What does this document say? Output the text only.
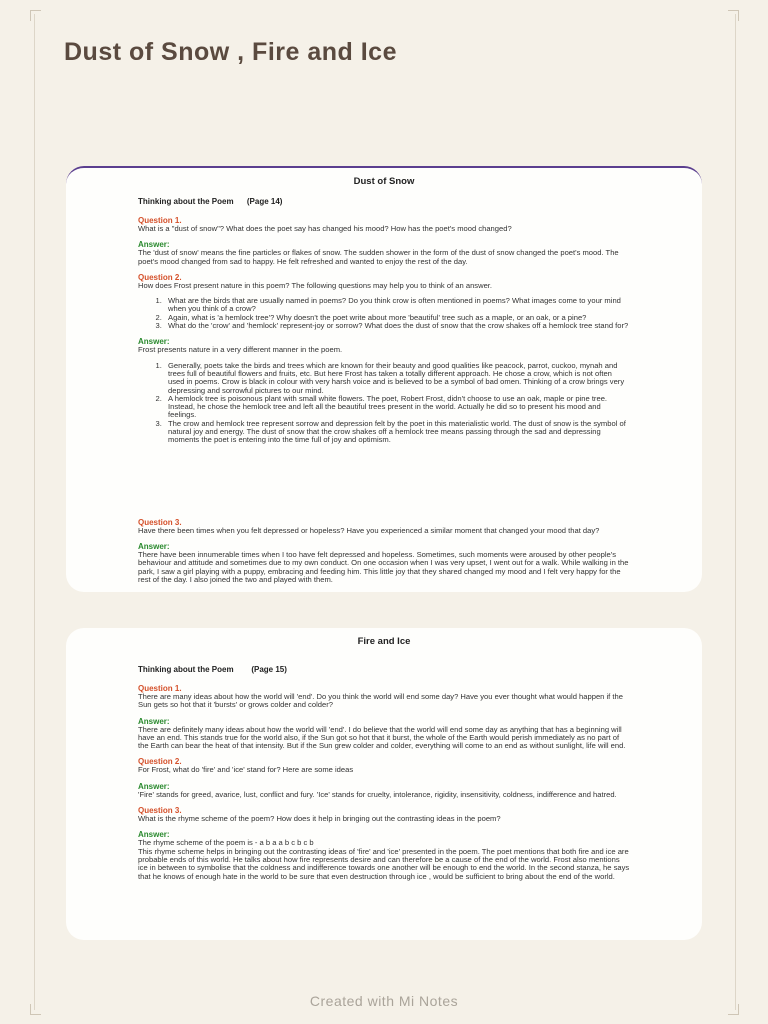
Dust of Snow , Fire and Ice

Dust of Snow

Thinking about the Poem      (Page 14)

Question 1.

What is a "dust of snow"? What does the poet say has changed his mood? How has the poet's mood changed?

Answer:

The 'dust of snow' means the fine particles or flakes of snow. The sudden shower in the form of the dust of snow changed the poet's mood. The poet's mood changed from sad to happy. He felt refreshed and wanted to enjoy the rest of the day.

Question 2.

How does Frost present nature in this poem? The following questions may help you to think of an answer.

1. What are the birds that are usually named in poems? Do you think crow is often mentioned in poems? What images come to your mind when you think of a crow?
2. Again, what is 'a hemlock tree'? Why doesn't the poet write about more 'beautiful' tree such as a maple, or an oak, or a pine?
3. What do the 'crow' and 'hemlock' represent-joy or sorrow? What does the dust of snow that the crow shakes off a hemlock tree stand for?

Answer:

Frost presents nature in a very different manner in the poem.

1. Generally, poets take the birds and trees which are known for their beauty and good qualities like peacock, parrot, cuckoo, mynah and trees full of beautiful flowers and fruits, etc. But here Frost has taken a totally different approach. He chose a crow, which is not often used in poems. Crow is black in colour with very harsh voice and is believed to be a symbol of bad omen. Thinking of a crow brings very depressing and sorrowful pictures to our mind.
2. A hemlock tree is poisonous plant with small white flowers. The poet, Robert Frost, didn't choose to use an oak, maple or pine tree. Instead, he chose the hemlock tree and left all the beautiful trees present in the world. Actually he did so to present his mood and feelings.
3. The crow and hemlock tree represent sorrow and depression felt by the poet in this materialistic world. The dust of snow is the symbol of natural joy and energy. The dust of snow that the crow shakes off a hemlock tree means passing through the sad and depressing moments the poet is entering into the time full of joy and optimism.

Question 3.

Have there been times when you felt depressed or hopeless? Have you experienced a similar moment that changed your mood that day?

Answer:

There have been innumerable times when I too have felt depressed and hopeless. Sometimes, such moments were aroused by other people's behaviour and attitude and sometimes due to my own conduct. On one occasion when I was very upset, I went out for a walk. While walking in the park, I saw a girl playing with a puppy, embracing and feeding him. This little joy that they shared changed my mood and I felt very happy for the rest of the day. I also joined the two and played with them.

Fire and Ice

Thinking about the Poem        (Page 15)

Question 1.

There are many ideas about how the world will 'end'. Do you think the world will end some day? Have you ever thought what would happen if the Sun gets so hot that it 'bursts' or grows colder and colder?

Answer:

There are definitely many ideas about how the world will 'end'. I do believe that the world will end some day as anything that has a beginning will have an end. This stands true for the world also, if the Sun got so hot that it burst, the whole of the Earth would perish immediately as no part of the Earth can bear the heat of that intensity. But if the Sun grew colder and colder, everything will come to an end as without sunlight, life will end.

Question 2.

For Frost, what do 'fire' and 'ice' stand for? Here are some ideas

Answer:

'Fire' stands for greed, avarice, lust, conflict and fury. 'Ice' stands for cruelty, intolerance, rigidity, insensitivity, coldness, indifference and hatred.

Question 3.

What is the rhyme scheme of the poem? How does it help in bringing out the contrasting ideas in the poem?

Answer:

The rhyme scheme of the poem is - a b a a b c b c b

This rhyme scheme helps in bringing out the contrasting ideas of 'fire' and 'ice' presented in the poem. The poet mentions that both fire and ice are probable ends of this world. He talks about how fire represents desire and can therefore be a cause of the end of the world. Frost also mentions ice in between to symbolise that the coldness and indifference towards one another will be enough to end the world. In the second stanza, he says that he knows of enough hate in the world to be sure that even destruction through ice , would be sufficient to bring about the end of the world.

Created with Mi Notes
